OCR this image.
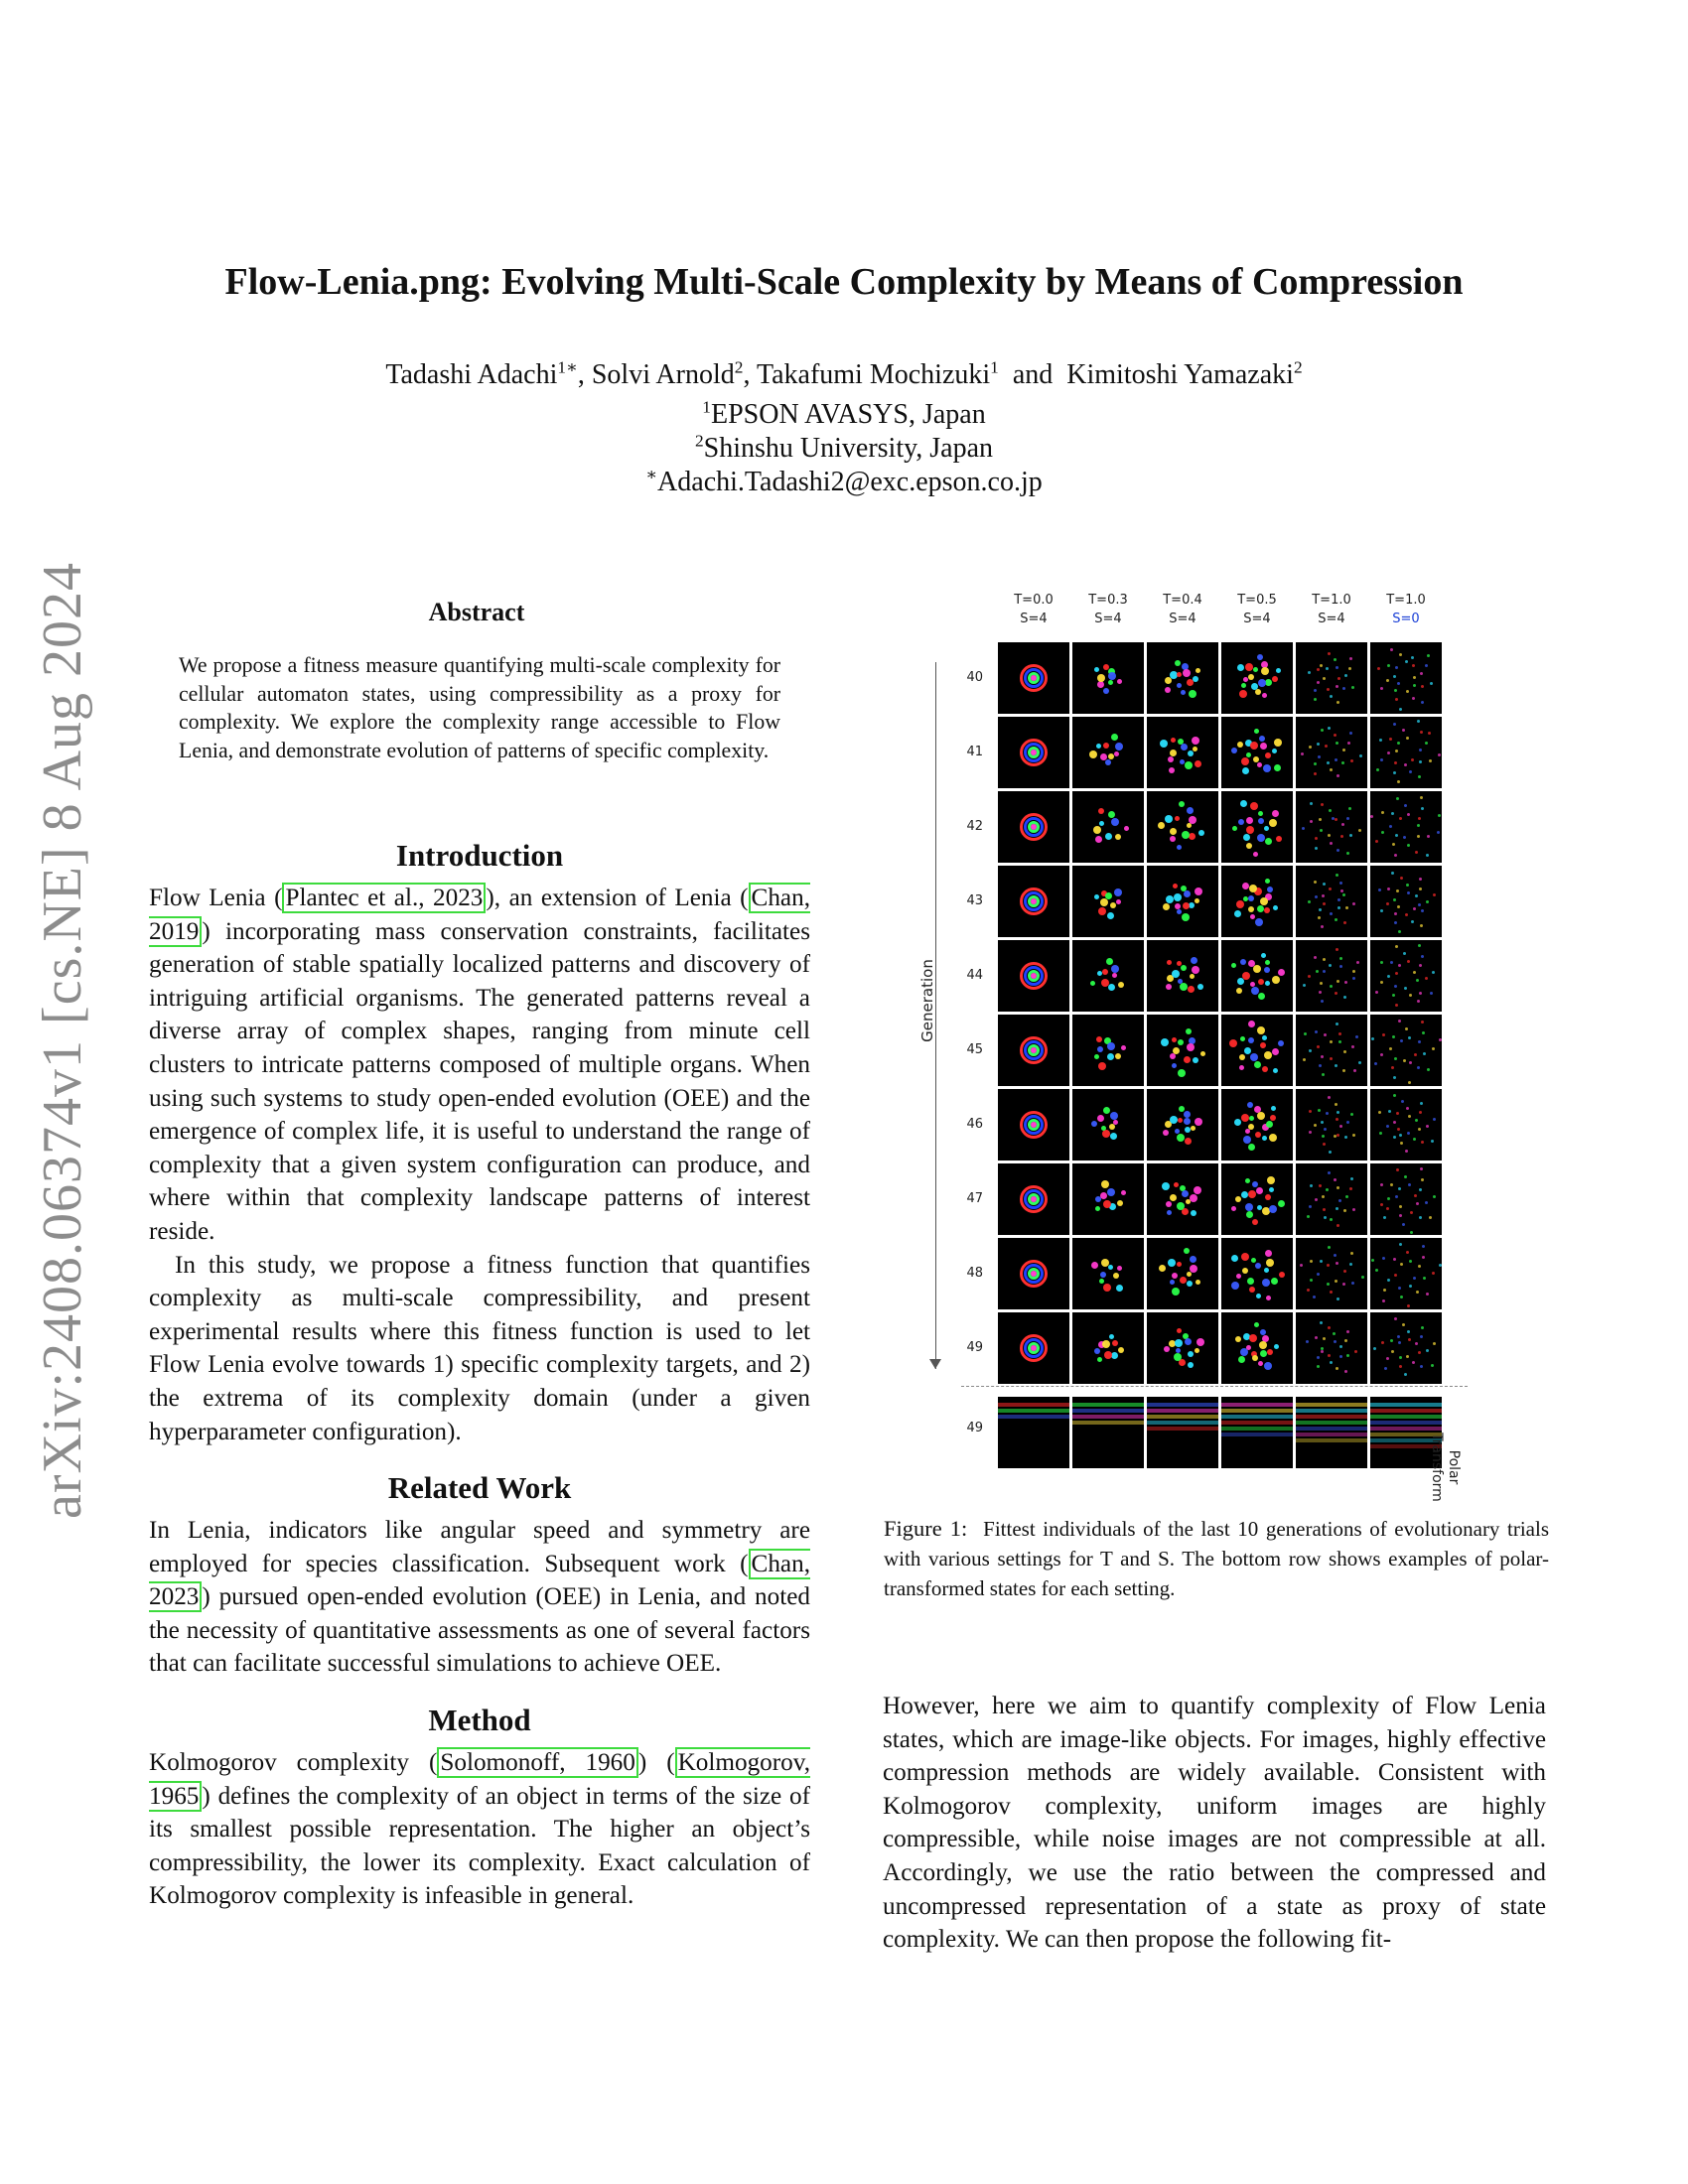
arXiv:2408.06374v1 [cs.NE] 8 Aug 2024
Flow-Lenia.png: Evolving Multi-Scale Complexity by Means of Compression
Tadashi Adachi$^{1∗}$, Solvi Arnold$^2$, Takafumi Mochizuki$^1$ and Kimitoshi Yamazaki$^2$
$^1$EPSON AVASYS, Japan
$^2$Shinshu University, Japan
∗Adachi.Tadashi2@exc.epson.co.jp
Abstract
We propose a fitness measure quantifying multi-scale complexity for cellular automaton states, using compressibility as a proxy for complexity. We explore the complexity range accessible to Flow Lenia, and demonstrate evolution of patterns of specific complexity.
Introduction

Flow Lenia ( Plantec et al., 2023 ), an extension of Lenia ( Chan, 2019 ) incorporating mass conservation constraints, facilitates generation of stable spatially localized patterns and discovery of intriguing artificial organisms. The generated patterns reveal a diverse array of complex shapes, ranging from minute cell clusters to intricate patterns composed of multiple organs. When using such systems to study open-ended evolution (OEE) and the emergence of complex life, it is useful to understand the range of complexity that a given system configuration can produce, and where within that complexity landscape patterns of interest reside.

In this study, we propose a fitness function that quantifies complexity as multi-scale compressibility, and present experimental results where this fitness function is used to let Flow Lenia evolve towards 1) specific complexity targets, and 2) the extrema of its complexity domain (under a given hyperparameter configuration).

Related Work

In Lenia, indicators like angular speed and symmetry are employed for species classification. Subsequent work ( Chan, 2023 ) pursued open-ended evolution (OEE) in Lenia, and noted the necessity of quantitative assessments as one of several factors that can facilitate successful simulations to achieve OEE.

Method

Kolmogorov complexity ( Solomonoff, 1960 ) ( Kolmogorov, 1965 ) defines the complexity of an object in terms of the size of its smallest possible representation. The higher an object’s compressibility, the lower its complexity. Exact calculation of Kolmogorov complexity is infeasible in general.

T=0.0
S=4
T=0.3
S=4
T=0.4
S=4
T=0.5
S=4
T=1.0
S=4
T=1.0
S=0
40
41
42
43
44
45
46
47
48
49
49
Generation
Polar
Transform
Figure 1: Fittest individuals of the last 10 generations of evolutionary trials with various settings for T and S. The bottom row shows examples of polar-transformed states for each setting.

However, here we aim to quantify complexity of Flow Lenia states, which are image-like objects. For images, highly effective compression methods are widely available. Consistent with Kolmogorov complexity, uniform images are highly compressible, while noise images are not compressible at all. Accordingly, we use the ratio between the compressed and uncompressed representation of a state as proxy of state complexity. We can then propose the following fit-
